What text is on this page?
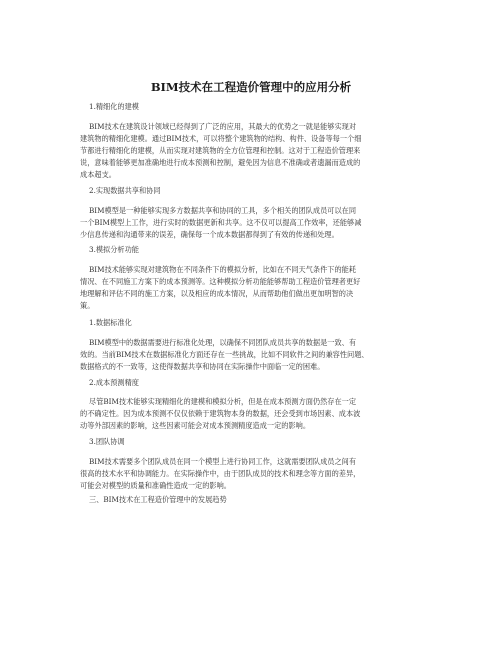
BIM技术在工程造价管理中的应用分析
1.精细化的建模
BIM技术在建筑设计领域已经得到了广泛的应用，其最大的优势之一就是能够实现对
建筑物的精细化建模。通过BIM技术，可以将整个建筑物的结构、构件、设备等每一个细
节都进行精细化的建模，从而实现对建筑物的全方位管理和控制。这对于工程造价管理来
说，意味着能够更加准确地进行成本预测和控制，避免因为信息不准确或者遗漏而造成的
成本超支。
2.实现数据共享和协同
BIM模型是一种能够实现多方数据共享和协同的工具，多个相关的团队成员可以在同
一个BIM模型上工作，进行实时的数据更新和共享。这不仅可以提高工作效率，还能够减
少信息传递和沟通带来的误差，确保每一个成本数据都得到了有效的传递和处理。
3.模拟分析功能
BIM技术能够实现对建筑物在不同条件下的模拟分析，比如在不同天气条件下的能耗
情况、在不同施工方案下的成本预测等。这种模拟分析功能能够帮助工程造价管理者更好
地理解和评估不同的施工方案，以及相应的成本情况，从而帮助他们做出更加明智的决
策。
1.数据标准化
BIM模型中的数据需要进行标准化处理，以确保不同团队成员共享的数据是一致、有
效的。当前BIM技术在数据标准化方面还存在一些挑战，比如不同软件之间的兼容性问题、
数据格式的不一致等，这使得数据共享和协同在实际操作中面临一定的困难。
2.成本预测精度
尽管BIM技术能够实现精细化的建模和模拟分析，但是在成本预测方面仍然存在一定
的不确定性。因为成本预测不仅仅依赖于建筑物本身的数据，还会受到市场因素、成本波
动等外部因素的影响，这些因素可能会对成本预测精度造成一定的影响。
3.团队协调
BIM技术需要多个团队成员在同一个模型上进行协同工作，这就需要团队成员之间有
很高的技术水平和协调能力。在实际操作中，由于团队成员的技术和理念等方面的差异，
可能会对模型的质量和准确性造成一定的影响。
三、BIM技术在工程造价管理中的发展趋势
